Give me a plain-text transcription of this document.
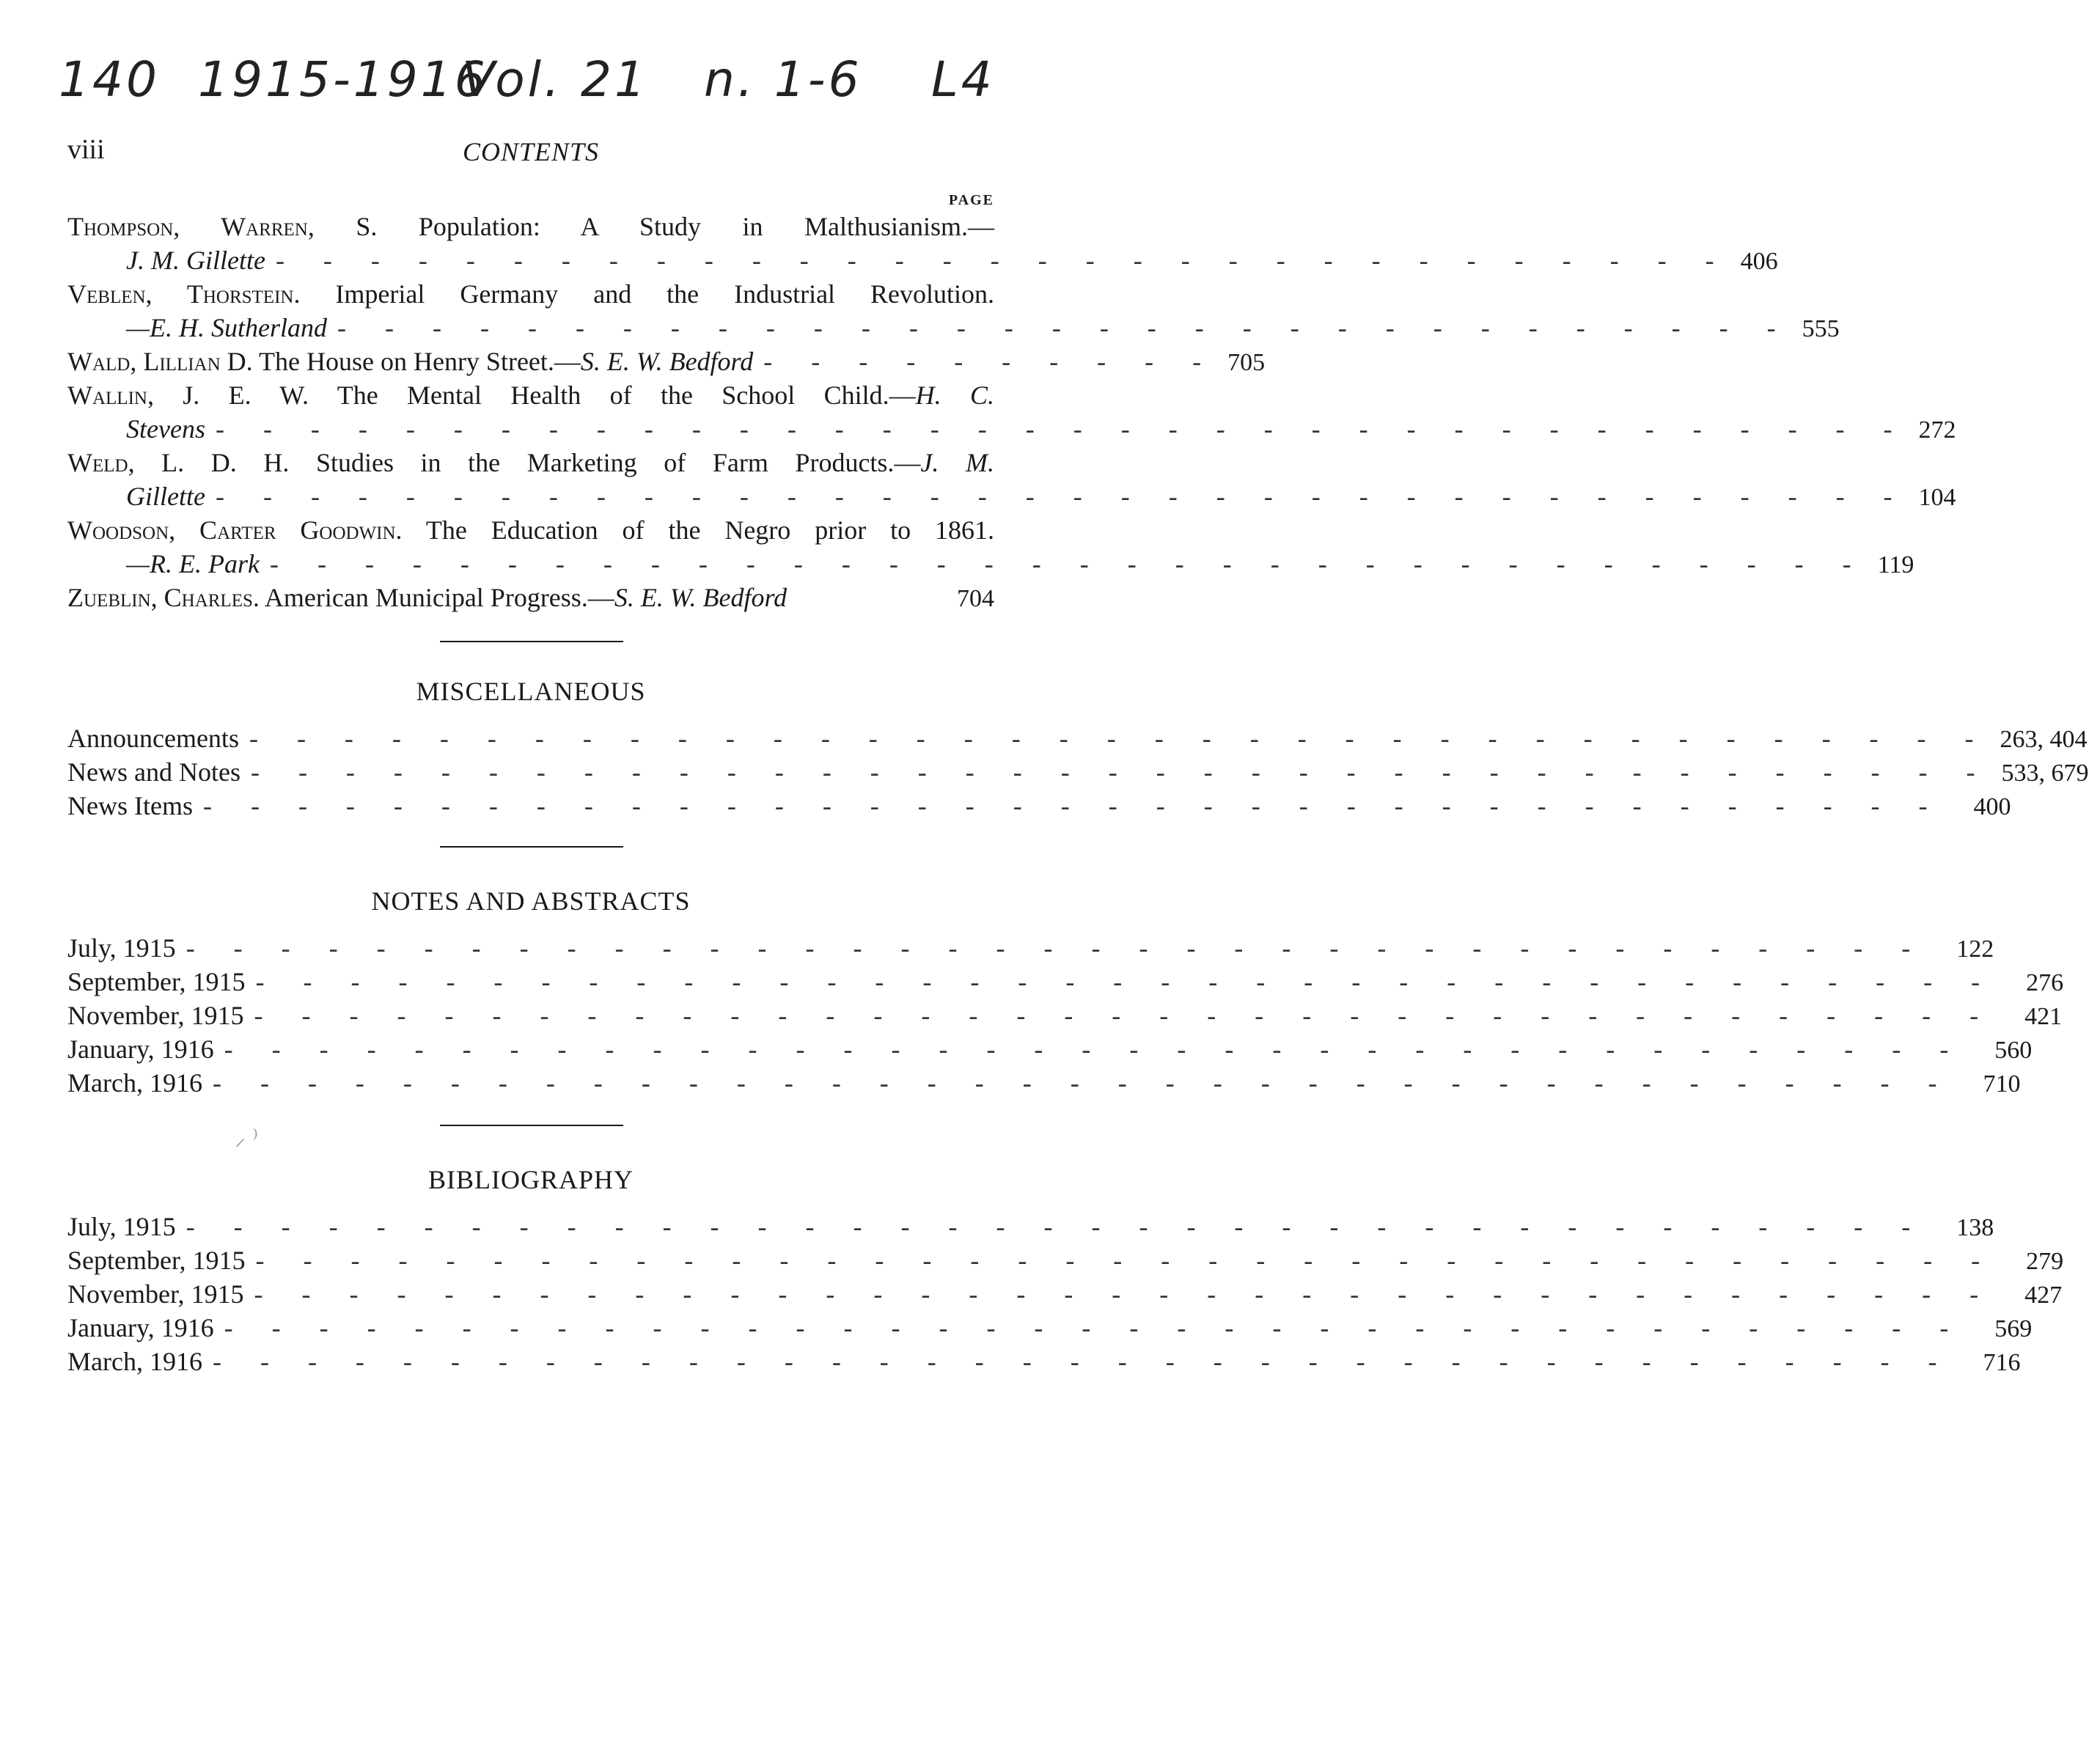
140 1915-1916
Vol. 21 n. 1-6 L4
viii	CONTENTS
PAGE
Thompson, Warren, S. Population: A Study in Malthusianism.—
J. M. Gillette - - - - - - - - - - - - - - - - - - - - - - - - - - - - - - - 406
Veblen, Thorstein. Imperial Germany and the Industrial Revolution.
—E. H. Sutherland - - - - - - - - - - - - - - - - - - - - - - - - - - - - - - - 555
Wald, Lillian D. The House on Henry Street.—S. E. W. Bedford - - - - - - - - - - 705
Wallin, J. E. W. The Mental Health of the School Child.—H. C.
Stevens - - - - - - - - - - - - - - - - - - - - - - - - - - - - - - - - - - - - 272
Weld, L. D. H. Studies in the Marketing of Farm Products.—J. M.
Gillette - - - - - - - - - - - - - - - - - - - - - - - - - - - - - - - - - - - - 104
Woodson, Carter Goodwin. The Education of the Negro prior to 1861.
—R. E. Park - - - - - - - - - - - - - - - - - - - - - - - - - - - - - - - - - - 119
Zueblin, Charles. American Municipal Progress.—S. E. W. Bedford	704
MISCELLANEOUS
Announcements - - - - - - - - - - - - - - - - - - - - - - - - - - - - - - - - - - - - - 263, 404
News and Notes - - - - - - - - - - - - - - - - - - - - - - - - - - - - - - - - - - - - - 533, 679
News Items - - - - - - - - - - - - - - - - - - - - - - - - - - - - - - - - - - - - -	400
NOTES AND ABSTRACTS
July, 1915 - - - - - - - - - - - - - - - - - - - - - - - - - - - - - - - - - - - - -	122
September, 1915 - - - - - - - - - - - - - - - - - - - - - - - - - - - - - - - - - - - - -	276
November, 1915 - - - - - - - - - - - - - - - - - - - - - - - - - - - - - - - - - - - - -	421
January, 1916 - - - - - - - - - - - - - - - - - - - - - - - - - - - - - - - - - - - - -	560
March, 1916 - - - - - - - - - - - - - - - - - - - - - - - - - - - - - - - - - - - - -	710
⸝ ⁾
BIBLIOGRAPHY
July, 1915 - - - - - - - - - - - - - - - - - - - - - - - - - - - - - - - - - - - - -	138
September, 1915 - - - - - - - - - - - - - - - - - - - - - - - - - - - - - - - - - - - - -	279
November, 1915 - - - - - - - - - - - - - - - - - - - - - - - - - - - - - - - - - - - - -	427
January, 1916 - - - - - - - - - - - - - - - - - - - - - - - - - - - - - - - - - - - - -	569
March, 1916 - - - - - - - - - - - - - - - - - - - - - - - - - - - - - - - - - - - - -	716
